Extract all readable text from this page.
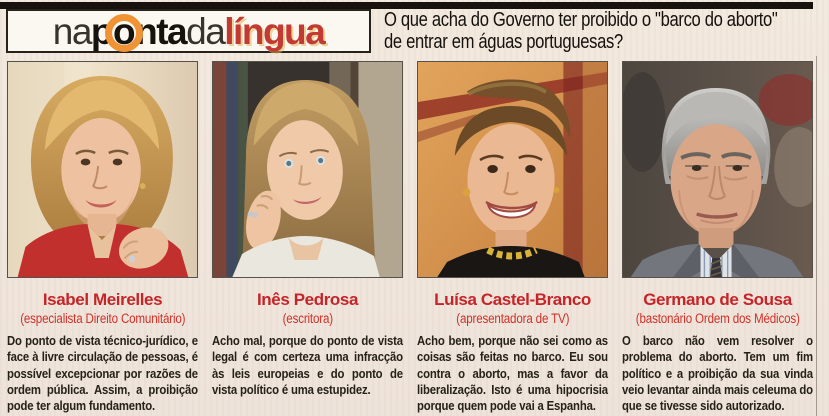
na p o nta da língua	O que acha do Governo ter proibido o "barco do aborto"
de entrar em águas portuguesas?
Isabel Meirelles
(especialista Direito Comunitário)
Do ponto de vista técnico-jurídico, e face à livre circulação de pessoas, é possível excepcionar por razões de ordem pública. Assim, a proibição pode ter algum fundamento.
Inês Pedrosa
(escritora)
Acho mal, porque do ponto de vista legal é com certeza uma infracção às leis europeias e do ponto de vista político é uma estupidez.
Luísa Castel-Branco
(apresentadora de TV)
Acho bem, porque não sei como as coisas são feitas no barco. Eu sou contra o aborto, mas a favor da liberalização. Isto é uma hipocrisia porque quem pode vai a Espanha.
Germano de Sousa
(bastonário Ordem dos Médicos)
O barco não vem resolver o problema do aborto. Tem um fim político e a proibição da sua vinda veio levantar ainda mais celeuma do que se tivesse sido autorizado.
